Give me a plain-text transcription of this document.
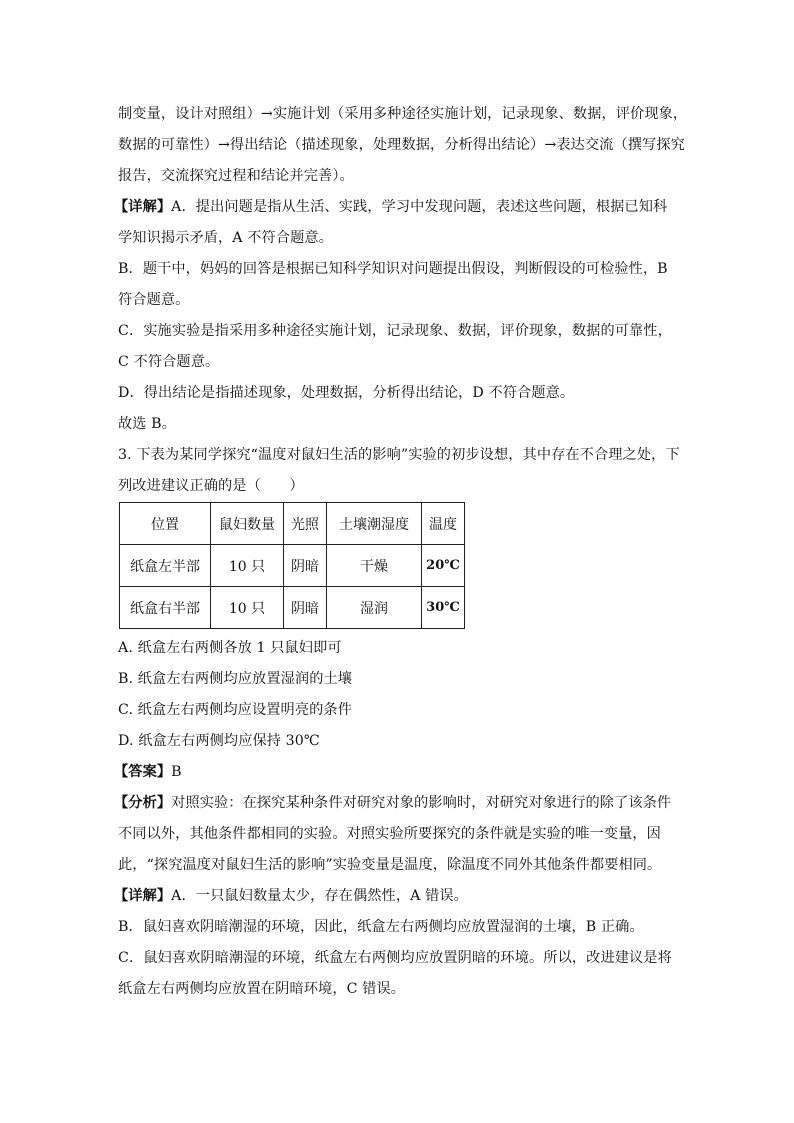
制变量，设计对照组）→实施计划（采用多种途径实施计划，记录现象、数据，评价现象，
数据的可靠性）→得出结论（描述现象，处理数据，分析得出结论）→表达交流（撰写探究
报告，交流探究过程和结论并完善）。
【详解】A．提出问题是指从生活、实践，学习中发现问题，表述这些问题，根据已知科
学知识揭示矛盾，A 不符合题意。
B．题干中，妈妈的回答是根据已知科学知识对问题提出假设，判断假设的可检验性，B
符合题意。
C．实施实验是指采用多种途径实施计划，记录现象、数据，评价现象，数据的可靠性，
C 不符合题意。
D．得出结论是指描述现象，处理数据，分析得出结论，D 不符合题意。
故选 B。
3. 下表为某同学探究“温度对鼠妇生活的影响”实验的初步设想，其中存在不合理之处，下
列改进建议正确的是（　　）
位置	鼠妇数量	光照	土壤潮湿度	温度
纸盒左半部	10 只	阴暗	干燥	20℃
纸盒右半部	10 只	阴暗	湿润	30℃
A. 纸盒左右两侧各放 1 只鼠妇即可
B. 纸盒左右两侧均应放置湿润的土壤
C. 纸盒左右两侧均应设置明亮的条件
D. 纸盒左右两侧均应保持 30℃
【答案】B
【分析】对照实验：在探究某种条件对研究对象的影响时，对研究对象进行的除了该条件
不同以外，其他条件都相同的实验。对照实验所要探究的条件就是实验的唯一变量，因
此，“探究温度对鼠妇生活的影响”实验变量是温度，除温度不同外其他条件都要相同。
【详解】A．一只鼠妇数量太少，存在偶然性，A 错误。
B．鼠妇喜欢阴暗潮湿的环境，因此，纸盒左右两侧均应放置湿润的土壤，B 正确。
C．鼠妇喜欢阴暗潮湿的环境，纸盒左右两侧均应放置阴暗的环境。所以，改进建议是将
纸盒左右两侧均应放置在阴暗环境，C 错误。
